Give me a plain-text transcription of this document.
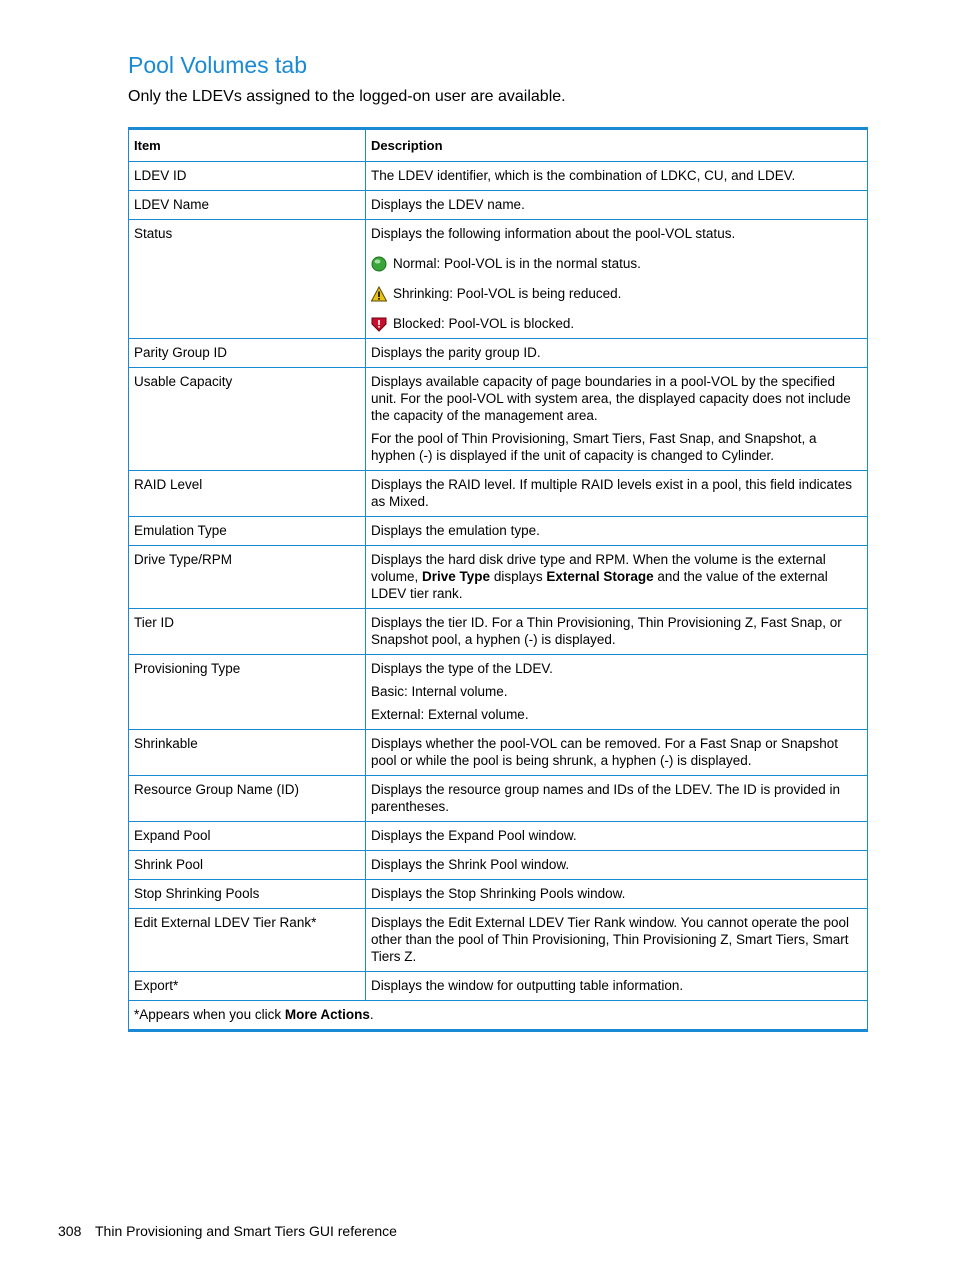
Pool Volumes tab

Only the LDEVs assigned to the logged-on user are available.

Item	Description
LDEV ID	The LDEV identifier, which is the combination of LDKC, CU, and LDEV.

LDEV Name	Displays the LDEV name.

Status	Displays the following information about the pool-VOL status.

Normal: Pool-VOL is in the normal status.

Shrinking: Pool-VOL is being reduced.

Blocked: Pool-VOL is blocked.

Parity Group ID	Displays the parity group ID.

Usable Capacity	Displays available capacity of page boundaries in a pool-VOL by the specified unit. For the pool-VOL with system area, the displayed capacity does not include the capacity of the management area.

For the pool of Thin Provisioning, Smart Tiers, Fast Snap, and Snapshot, a hyphen (-) is displayed if the unit of capacity is changed to Cylinder.

RAID Level	Displays the RAID level. If multiple RAID levels exist in a pool, this field indicates as Mixed.

Emulation Type	Displays the emulation type.

Drive Type/RPM	Displays the hard disk drive type and RPM. When the volume is the external volume, Drive Type displays External Storage and the value of the external LDEV tier rank.

Tier ID	Displays the tier ID. For a Thin Provisioning, Thin Provisioning Z, Fast Snap, or Snapshot pool, a hyphen (-) is displayed.

Provisioning Type	Displays the type of the LDEV.

Basic: Internal volume.

External: External volume.

Shrinkable	Displays whether the pool-VOL can be removed. For a Fast Snap or Snapshot pool or while the pool is being shrunk, a hyphen (-) is displayed.

Resource Group Name (ID)	Displays the resource group names and IDs of the LDEV. The ID is provided in parentheses.

Expand Pool	Displays the Expand Pool window.

Shrink Pool	Displays the Shrink Pool window.

Stop Shrinking Pools	Displays the Stop Shrinking Pools window.

Edit External LDEV Tier Rank*	Displays the Edit External LDEV Tier Rank window. You cannot operate the pool other than the pool of Thin Provisioning, Thin Provisioning Z, Smart Tiers, Smart Tiers Z.

Export*	Displays the window for outputting table information.

*Appears when you click More Actions.	

308 Thin Provisioning and Smart Tiers GUI reference
